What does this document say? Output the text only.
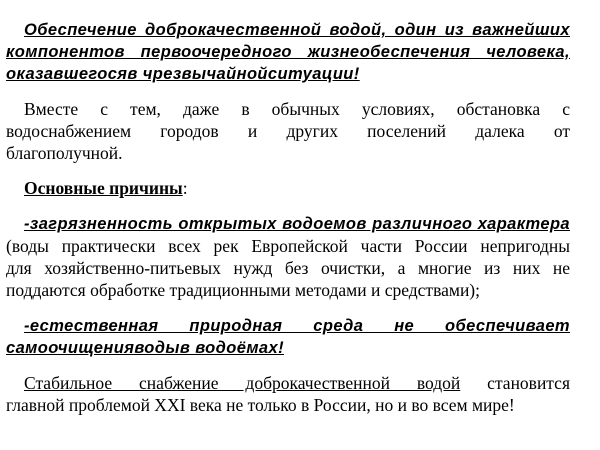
Обеспечение доброкачественной водой, один из важнейших
компонентов первоочередного жизнеобеспечения человека,
оказавшегосяв чрезвычайнойситуации!
Вместе с тем, даже в обычных условиях, обстановка с
водоснабжением городов и других поселений далека от
благополучной.
Основные причины:
-загрязненность открытых водоемов различного характера
(воды практически всех рек Европейской части России непригодны
для хозяйственно-питьевых нужд без очистки, а многие из них не
поддаются обработке традиционными методами и средствами);
-естественная природная среда не обеспечивает
самоочищенияводыв водоёмах!
Стабильное снабжение доброкачественной водой становится
главной проблемой XXI века не только в России, но и во всем мире!
